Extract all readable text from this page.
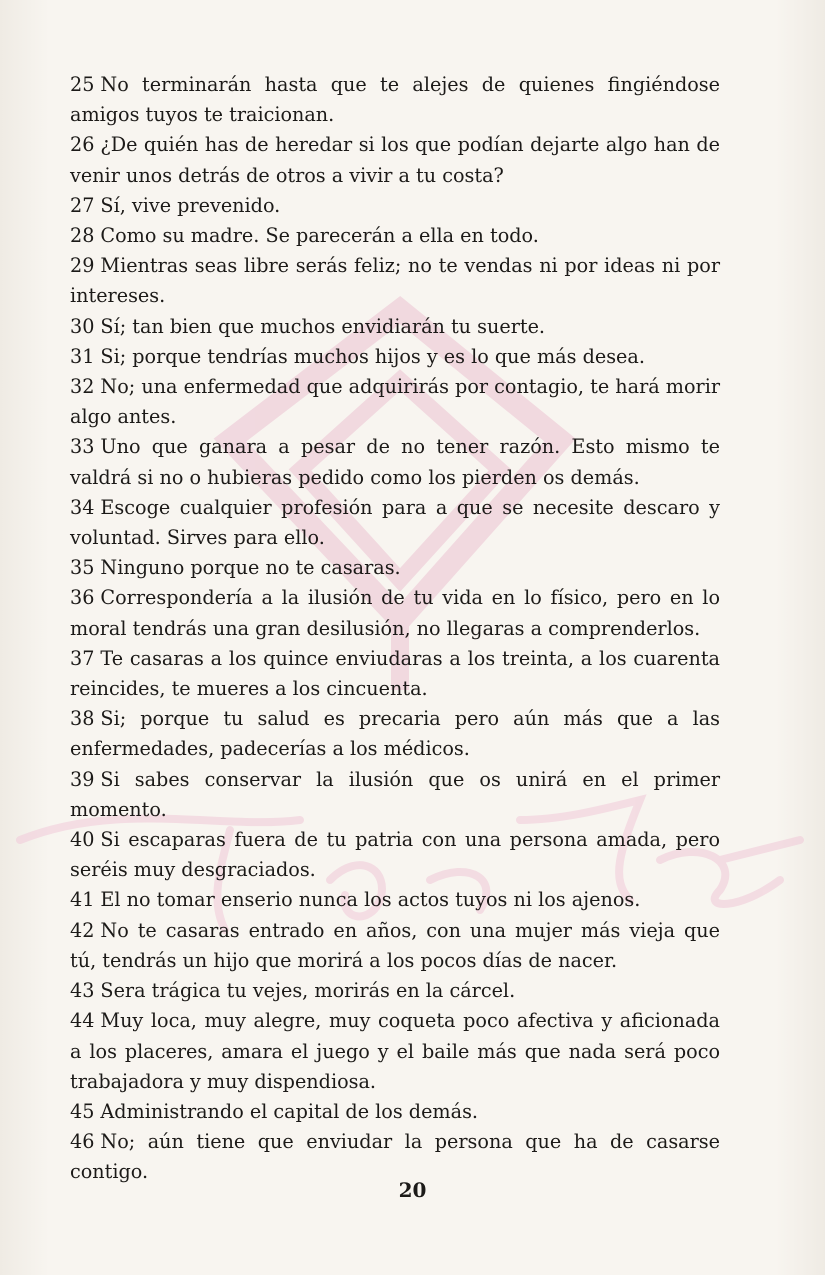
25 No terminarán hasta que te alejes de quienes fingiéndose amigos tuyos te traicionan.

26 ¿De quién has de heredar si los que podían dejarte algo han de venir unos detrás de otros a vivir a tu costa?

27 Sí, vive prevenido.

28 Como su madre. Se parecerán a ella en todo.

29 Mientras seas libre serás feliz; no te vendas ni por ideas ni por intereses.

30 Sí; tan bien que muchos envidiarán tu suerte.

31 Si; porque tendrías muchos hijos y es lo que más desea.

32 No; una enfermedad que adquirirás por contagio, te hará morir algo antes.

33 Uno que ganara a pesar de no tener razón. Esto mismo te valdrá si no o hubieras pedido como los pierden os demás.

34 Escoge cualquier profesión para a que se necesite descaro y voluntad. Sirves para ello.

35 Ninguno porque no te casaras.

36 Correspondería a la ilusión de tu vida en lo físico, pero en lo moral tendrás una gran desilusión, no llegaras a comprenderlos.

37 Te casaras a los quince enviudaras a los treinta, a los cuarenta reincides, te mueres a los cincuenta.

38 Si; porque tu salud es precaria pero aún más que a las enfermedades, padecerías a los médicos.

39 Si sabes conservar la ilusión que os unirá en el primer momento.

40 Si escaparas fuera de tu patria con una persona amada, pero seréis muy desgraciados.

41 El no tomar enserio nunca los actos tuyos ni los ajenos.

42 No te casaras entrado en años, con una mujer más vieja que tú, tendrás un hijo que morirá a los pocos días de nacer.

43 Sera trágica tu vejes, morirás en la cárcel.

44 Muy loca, muy alegre, muy coqueta poco afectiva y aficionada a los placeres, amara el juego y el baile más que nada será poco trabajadora y muy dispendiosa.

45 Administrando el capital de los demás.

46 No; aún tiene que enviudar la persona que ha de casarse contigo.

20
